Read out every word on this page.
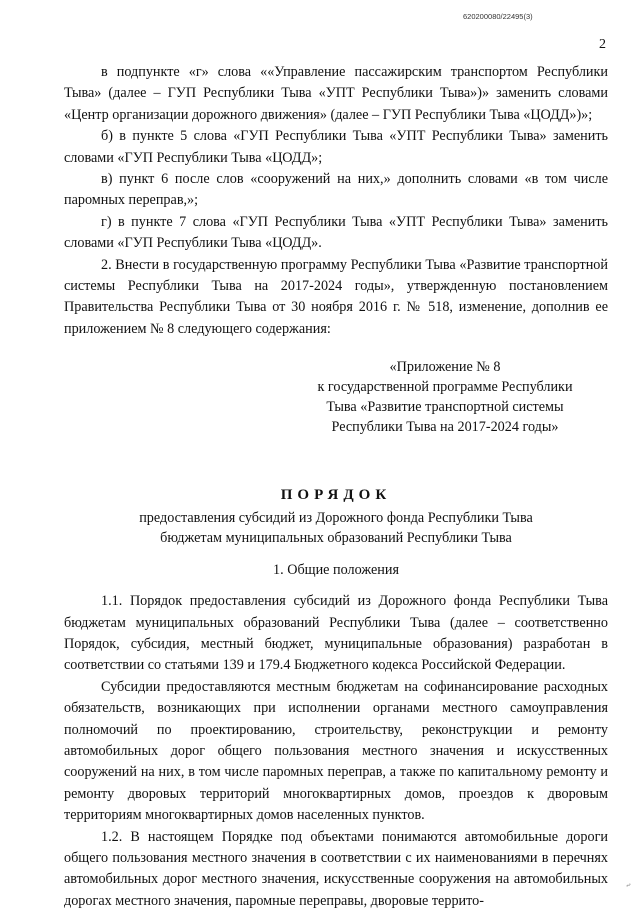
620200080/22495(3)
2

в подпункте «г» слова ««Управление пассажирским транспортом Республики Тыва» (далее – ГУП Республики Тыва «УПТ Республики Тыва»)» заменить словами «Центр организации дорожного движения» (далее – ГУП Республики Тыва «ЦОДД»)»;

б) в пункте 5 слова «ГУП Республики Тыва «УПТ Республики Тыва» заменить словами «ГУП Республики Тыва «ЦОДД»;

в) пункт 6 после слов «сооружений на них,» дополнить словами «в том числе паромных переправ,»;

г) в пункте 7 слова «ГУП Республики Тыва «УПТ Республики Тыва» заменить словами «ГУП Республики Тыва «ЦОДД».

2. Внести в государственную программу Республики Тыва «Развитие транспортной системы Республики Тыва на 2017-2024 годы», утвержденную постановлением Правительства Республики Тыва от 30 ноября 2016 г. № 518, изменение, дополнив ее приложением № 8 следующего содержания:

«Приложение № 8
к государственной программе Республики
Тыва «Развитие транспортной системы
Республики Тыва на 2017-2024 годы»

ПОРЯДОК

предоставления субсидий из Дорожного фонда Республики Тыва
бюджетам муниципальных образований Республики Тыва

1. Общие положения

1.1. Порядок предоставления субсидий из Дорожного фонда Республики Тыва бюджетам муниципальных образований Республики Тыва (далее – соответственно Порядок, субсидия, местный бюджет, муниципальные образования) разработан в соответствии со статьями 139 и 179.4 Бюджетного кодекса Российской Федерации.

Субсидии предоставляются местным бюджетам на софинансирование расходных обязательств, возникающих при исполнении органами местного самоуправления полномочий по проектированию, строительству, реконструкции и ремонту автомобильных дорог общего пользования местного значения и искусственных сооружений на них, в том числе паромных переправ, а также по капитальному ремонту и ремонту дворовых территорий многоквартирных домов, проездов к дворовым территориям многоквартирных домов населенных пунктов.

1.2. В настоящем Порядке под объектами понимаются автомобильные дороги общего пользования местного значения в соответствии с их наименованиями в перечнях автомобильных дорог местного значения, искусственные сооружения на автомобильных дорогах местного значения, паромные переправы, дворовые террито-

~
